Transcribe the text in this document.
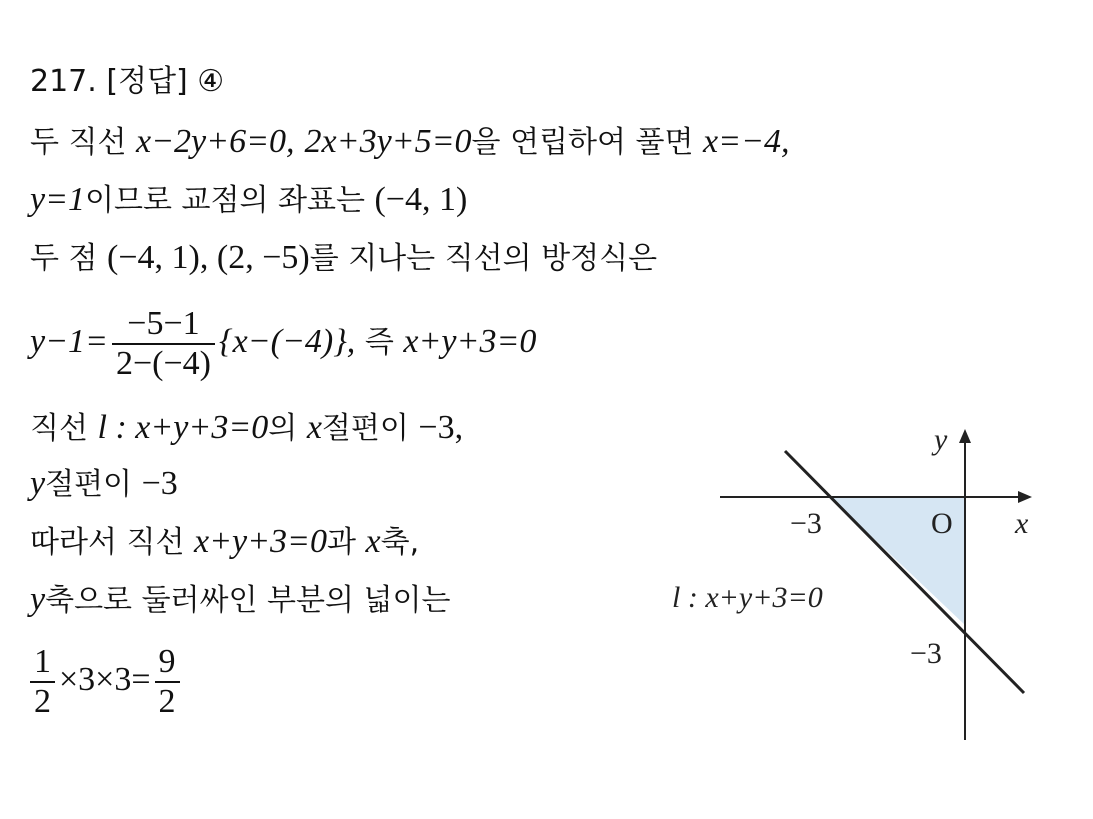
217. [정답] ④
두 직선 x−2y+6=0, 2x+3y+5=0을 연립하여 풀면 x=−4,
y=1이므로 교점의 좌표는 (−4, 1)
두 점 (−4, 1), (2, −5)를 지나는 직선의 방정식은
$y-1= \frac{-5-1}{2-(-4)} \{x-(-4)\}$, 즉 x+y+3=0
직선 l : x+y+3=0의 x절편이 −3,
y절편이 −3
따라서 직선 x+y+3=0과 x축,
y축으로 둘러싸인 부분의 넓이는
$\frac{1}{2} \times 3\times 3= \frac{9}{2}$
y
x
O
−3
−3
l : x+y+3=0
